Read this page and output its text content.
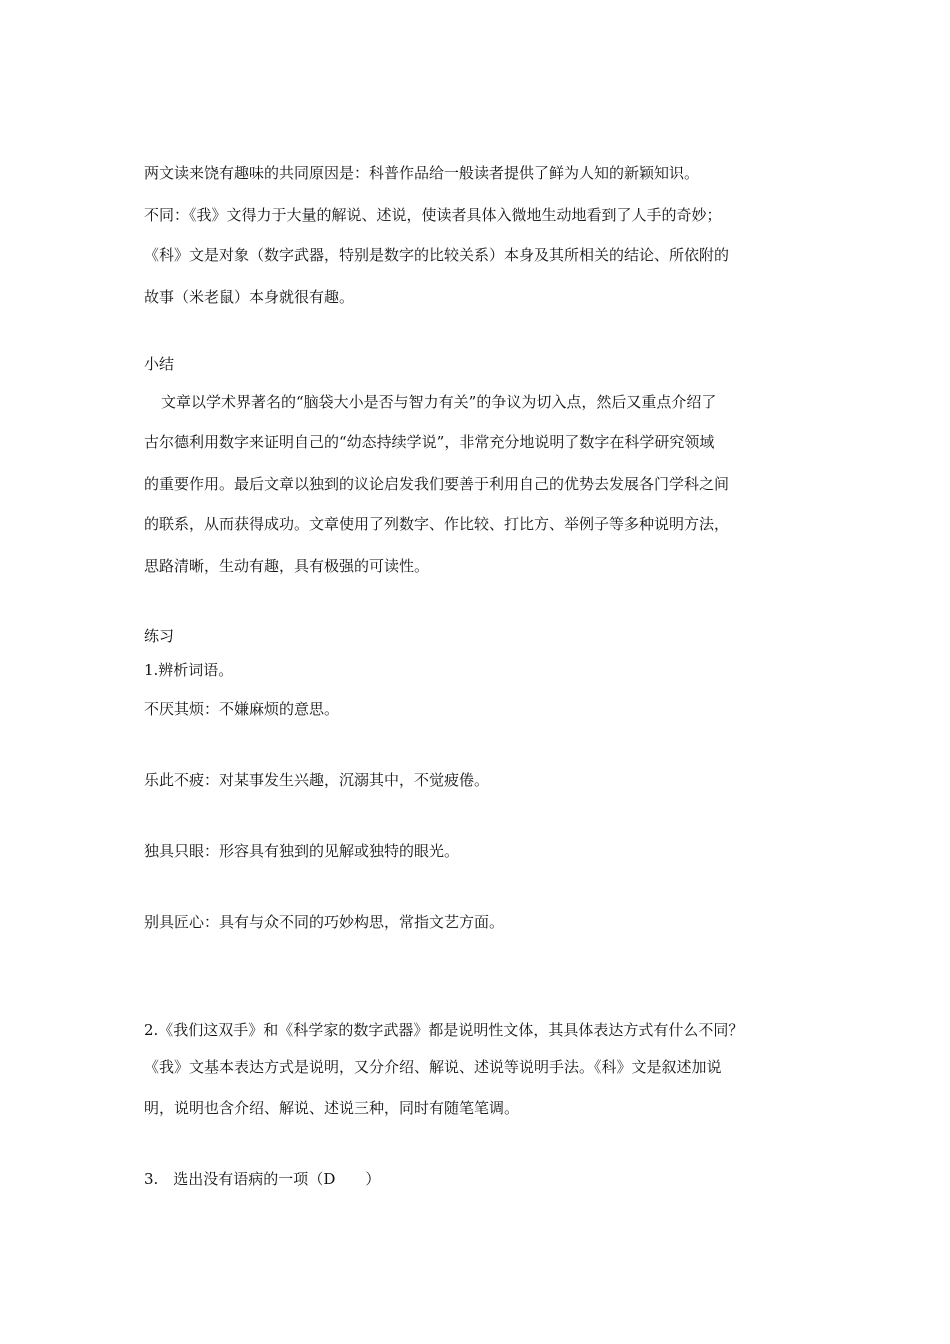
两文读来饶有趣味的共同原因是：科普作品给一般读者提供了鲜为人知的新颖知识。
不同：《我》文得力于大量的解说、述说，使读者具体入微地生动地看到了人手的奇妙；
《科》文是对象（数字武器，特别是数字的比较关系）本身及其所相关的结论、所依附的
故事（米老鼠）本身就很有趣。
小结
文章以学术界著名的“脑袋大小是否与智力有关”的争议为切入点，然后又重点介绍了
古尔德利用数字来证明自己的“幼态持续学说”，非常充分地说明了数字在科学研究领域
的重要作用。最后文章以独到的议论启发我们要善于利用自己的优势去发展各门学科之间
的联系，从而获得成功。文章使用了列数字、作比较、打比方、举例子等多种说明方法，
思路清晰，生动有趣，具有极强的可读性。
练习
1.辨析词语。
不厌其烦：不嫌麻烦的意思。
乐此不疲：对某事发生兴趣，沉溺其中，不觉疲倦。
独具只眼：形容具有独到的见解或独特的眼光。
别具匠心：具有与众不同的巧妙构思，常指文艺方面。
2.《我们这双手》和《科学家的数字武器》都是说明性文体，其具体表达方式有什么不同？
《我》文基本表达方式是说明，又分介绍、解说、述说等说明手法。《科》文是叙述加说
明，说明也含介绍、解说、述说三种，同时有随笔笔调。
3.　选出没有语病的一项（D　　）
